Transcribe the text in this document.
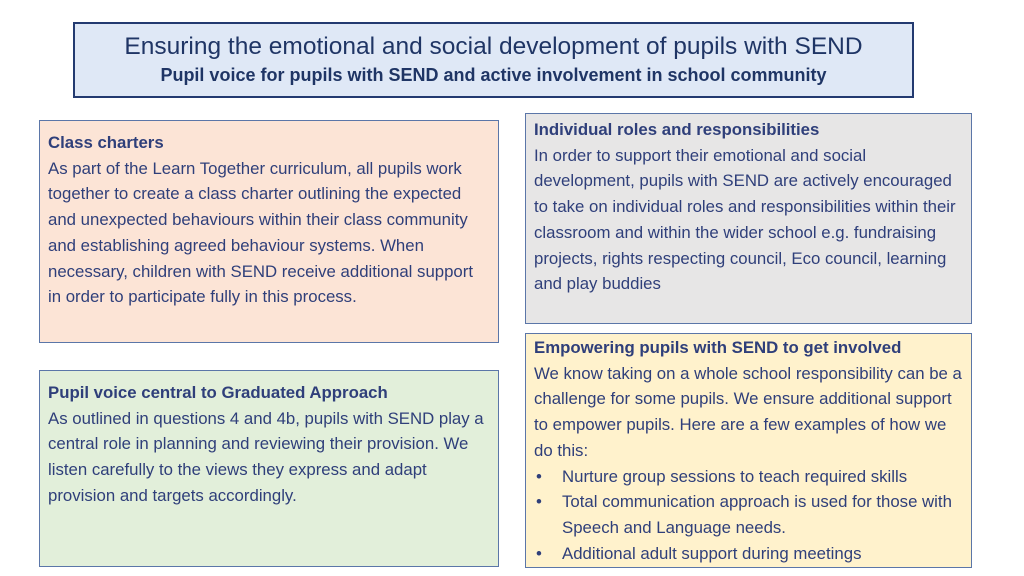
Ensuring the emotional and social development of pupils with SEND
Pupil voice for pupils with SEND and active involvement in school community

Class charters

As part of the Learn Together curriculum, all pupils work together to create a class charter outlining the expected and unexpected behaviours within their class community and establishing agreed behaviour systems. When necessary, children with SEND receive additional support in order to participate fully in this process.

Pupil voice central to Graduated Approach

As outlined in questions 4 and 4b, pupils with SEND play a central role in planning and reviewing their provision. We listen carefully to the views they express and adapt provision and targets accordingly.

Individual roles and responsibilities

In order to support their emotional and social development, pupils with SEND are actively encouraged to take on individual roles and responsibilities within their classroom and within the wider school e.g. fundraising projects, rights respecting council, Eco council, learning and play buddies

Empowering pupils with SEND to get involved

We know taking on a whole school responsibility can be a challenge for some pupils. We ensure additional support to empower pupils. Here are a few examples of how we do this:

• Nurture group sessions to teach required skills
• Total communication approach is used for those with Speech and Language needs.
• Additional adult support during meetings
